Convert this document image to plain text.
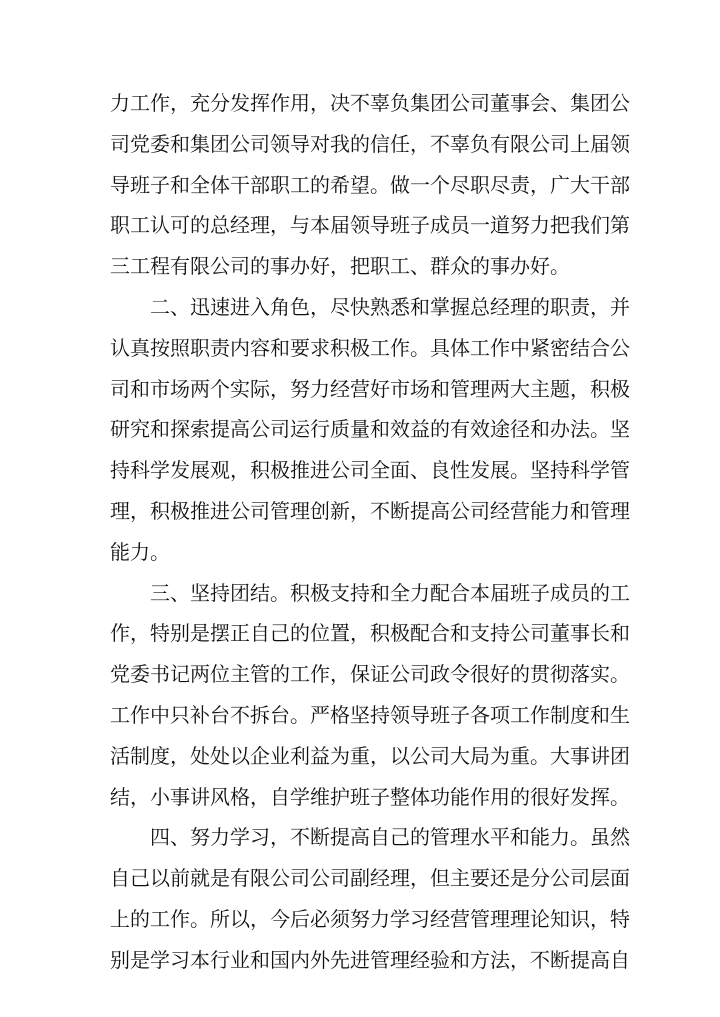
力工作，充分发挥作用，决不辜负集团公司董事会、集团公
司党委和集团公司领导对我的信任，不辜负有限公司上届领
导班子和全体干部职工的希望。做一个尽职尽责，广大干部
职工认可的总经理，与本届领导班子成员一道努力把我们第
三工程有限公司的事办好，把职工、群众的事办好。
二、迅速进入角色，尽快熟悉和掌握总经理的职责，并
认真按照职责内容和要求积极工作。具体工作中紧密结合公
司和市场两个实际，努力经营好市场和管理两大主题，积极
研究和探索提高公司运行质量和效益的有效途径和办法。坚
持科学发展观，积极推进公司全面、良性发展。坚持科学管
理，积极推进公司管理创新，不断提高公司经营能力和管理
能力。
三、坚持团结。积极支持和全力配合本届班子成员的工
作，特别是摆正自己的位置，积极配合和支持公司董事长和
党委书记两位主管的工作，保证公司政令很好的贯彻落实。
工作中只补台不拆台。严格坚持领导班子各项工作制度和生
活制度，处处以企业利益为重，以公司大局为重。大事讲团
结，小事讲风格，自学维护班子整体功能作用的很好发挥。
四、努力学习，不断提高自己的管理水平和能力。虽然
自己以前就是有限公司公司副经理，但主要还是分公司层面
上的工作。所以，今后必须努力学习经营管理理论知识，特
别是学习本行业和国内外先进管理经验和方法，不断提高自
